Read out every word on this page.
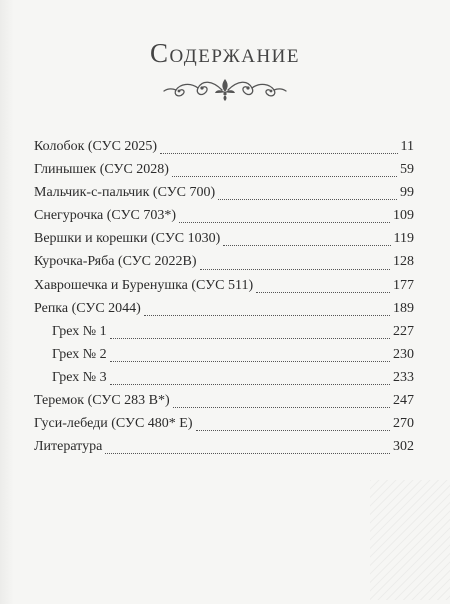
Содержание
Колобок (СУС 2025)	11
Глинышек (СУС 2028)	59
Мальчик-с-пальчик (СУС 700)	99
Снегурочка (СУС 703*)	109
Вершки и корешки (СУС 1030)	119
Курочка-Ряба (СУС 2022В)	128
Хаврошечка и Буренушка (СУС 511)	177
Репка (СУС 2044)	189
Грех № 1	227
Грех № 2	230
Грех № 3	233
Теремок (СУС 283 В*)	247
Гуси-лебеди (СУС 480* Е)	270
Литература	302
